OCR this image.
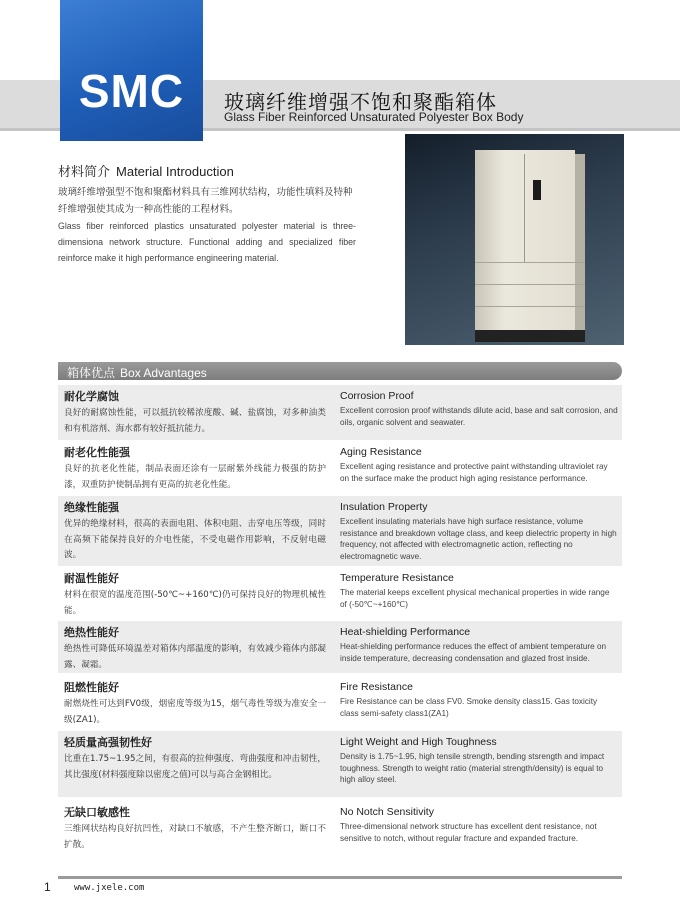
SMC	玻璃纤维增强不饱和聚酯箱体
Glass Fiber Reinforced Unsaturated Polyester Box Body
材料简介 Material Introduction
玻璃纤维增强型不饱和聚酯材料具有三维网状结构，功能性填料及特种纤维增强使其成为一种高性能的工程材料。
Glass fiber reinforced plastics unsaturated polyester material is three-dimensiona network structure. Functional adding and specialized fiber reinforce make it high performance engineering material.
箱体优点 Box Advantages
耐化学腐蚀
良好的耐腐蚀性能，可以抵抗较稀浓度酸、碱、盐腐蚀，对多种油类和有机溶剂、海水都有较好抵抗能力。
Corrosion Proof
Excellent corrosion proof withstands dilute acid, base and salt corrosion, and oils, organic solvent and seawater.
耐老化性能强
良好的抗老化性能，制品表面还涂有一层耐紫外线能力极强的防护漆，双重防护使制品拥有更高的抗老化性能。
Aging Resistance
Excellent aging resistance and protective paint withstanding ultraviolet ray on the surface make the product high aging resistance performance.
绝缘性能强
优异的绝缘材料，很高的表面电阻、体积电阻、击穿电压等级，同时在高频下能保持良好的介电性能，不受电磁作用影响，不反射电磁波。
Insulation Property
Excellent insulating materials have high surface resistance, volume resistance and breakdown voltage class, and keep dielectric property in high frequency, not affected with electromagnetic action, reflecting no electromagnetic wave.
耐温性能好
材料在很宽的温度范围(-50℃~+160℃)仍可保持良好的物理机械性能。
Temperature Resistance
The material keeps excellent physical mechanical properties in wide range of (-50℃~+160℃)
绝热性能好
绝热性可降低环境温差对箱体内部温度的影响，有效减少箱体内部凝露、凝霜。
Heat-shielding Performance
Heat-shielding performance reduces the effect of ambient temperature on inside temperature, decreasing condensation and glazed frost inside.
阻燃性能好
耐燃烧性可达到FV0级，烟密度等级为15，烟气毒性等级为准安全一级(ZA1)。
Fire Resistance
Fire Resistance can be class FV0. Smoke density class15. Gas toxicity class semi-safety class1(ZA1)
轻质量高强韧性好
比重在1.75~1.95之间，有很高的拉伸强度、弯曲强度和冲击韧性，其比强度(材料强度除以密度之值)可以与高合金钢相比。
Light Weight and High Toughness
Density is 1.75~1.95, high tensile strength, bending stsrength and impact toughness. Strength to weight ratio (material strength/density) is equal to high alloy steel.
无缺口敏感性
三维网状结构良好抗凹性，对缺口不敏感，不产生整齐断口，断口不扩散。
No Notch Sensitivity
Three-dimensional network structure has excellent dent resistance, not sensitive to notch, without regular fracture and expanded fracture.
1	www.jxele.com
